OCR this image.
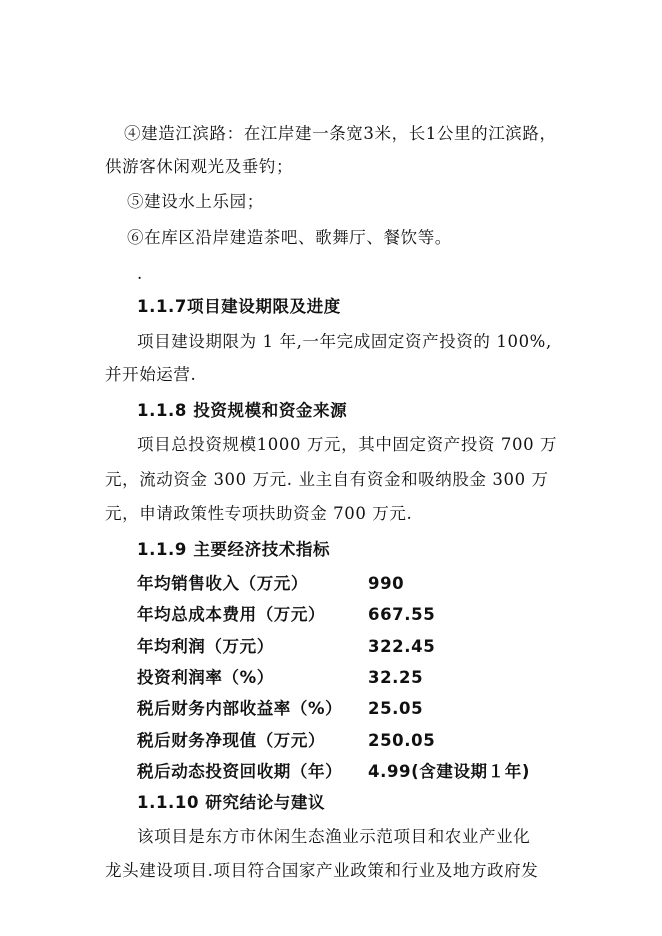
④建造江滨路：在江岸建一条宽3米，长1公里的江滨路，
供游客休闲观光及垂钓；
⑤建设水上乐园；
⑥在库区沿岸建造茶吧、歌舞厅、餐饮等。
.
1.1.7项目建设期限及进度
项目建设期限为 1 年,一年完成固定资产投资的 100%,
并开始运营.
1.1.8 投资规模和资金来源
项目总投资规模1000 万元，其中固定资产投资 700 万
元，流动资金 300 万元. 业主自有资金和吸纳股金 300 万
元，申请政策性专项扶助资金 700 万元.
1.1.9 主要经济技术指标
年均销售收入（万元）	990
年均总成本费用（万元）	667.55
年均利润（万元）	322.45
投资利润率（%）	32.25
税后财务内部收益率（%） 25.05
税后财务净现值（万元）	250.05
税后动态投资回收期（年） 4.99(含建设期１年)
1.1.10 研究结论与建议
该项目是东方市休闲生态渔业示范项目和农业产业化
龙头建设项目.项目符合国家产业政策和行业及地方政府发
